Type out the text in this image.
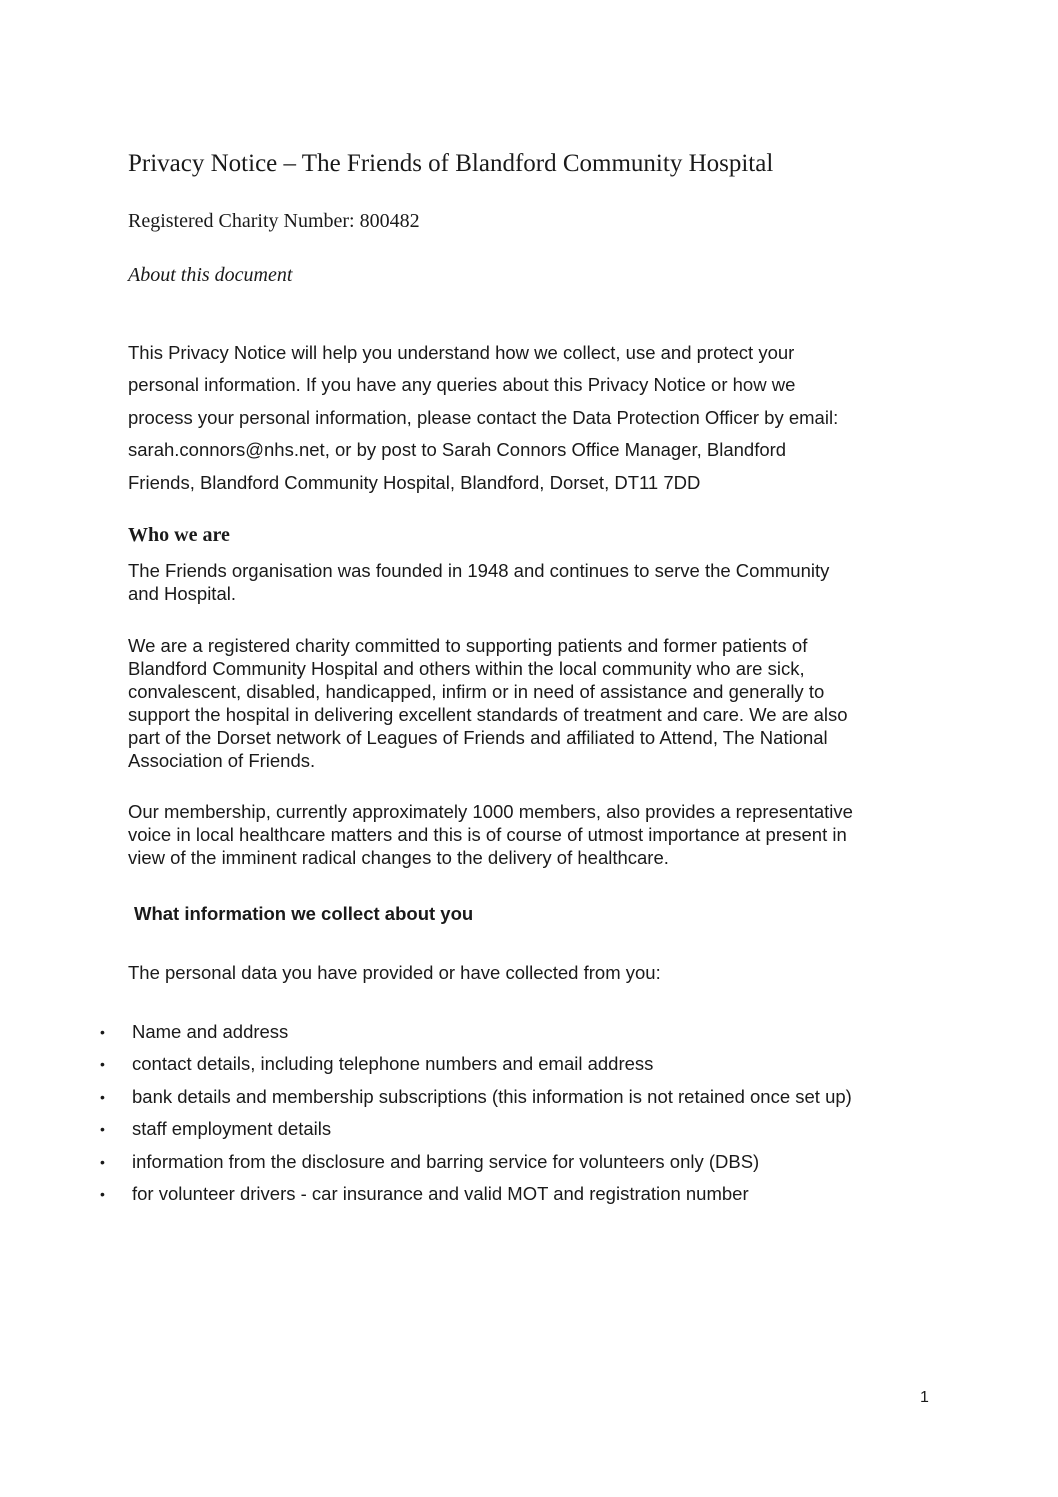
Privacy Notice – The Friends of Blandford Community Hospital
Registered Charity Number: 800482
About this document
This Privacy Notice will help you understand how we collect, use and protect your
personal information. If you have any queries about this Privacy Notice or how we
process your personal information, please contact the Data Protection Officer by email:
sarah.connors@nhs.net, or by post to Sarah Connors Office Manager, Blandford
Friends, Blandford Community Hospital, Blandford, Dorset, DT11 7DD
Who we are
The Friends organisation was founded in 1948 and continues to serve the Community
and Hospital.
We are a registered charity committed to supporting patients and former patients of
Blandford Community Hospital and others within the local community who are sick,
convalescent, disabled, handicapped, infirm or in need of assistance and generally to
support the hospital in delivering excellent standards of treatment and care. We are also
part of the Dorset network of Leagues of Friends and affiliated to Attend, The National
Association of Friends.
Our membership, currently approximately 1000 members, also provides a representative
voice in local healthcare matters and this is of course of utmost importance at present in
view of the imminent radical changes to the delivery of healthcare.
What information we collect about you
The personal data you have provided or have collected from you:
• Name and address
• contact details, including telephone numbers and email address
• bank details and membership subscriptions (this information is not retained once set up)
• staff employment details
• information from the disclosure and barring service for volunteers only (DBS)
• for volunteer drivers - car insurance and valid MOT and registration number
1
